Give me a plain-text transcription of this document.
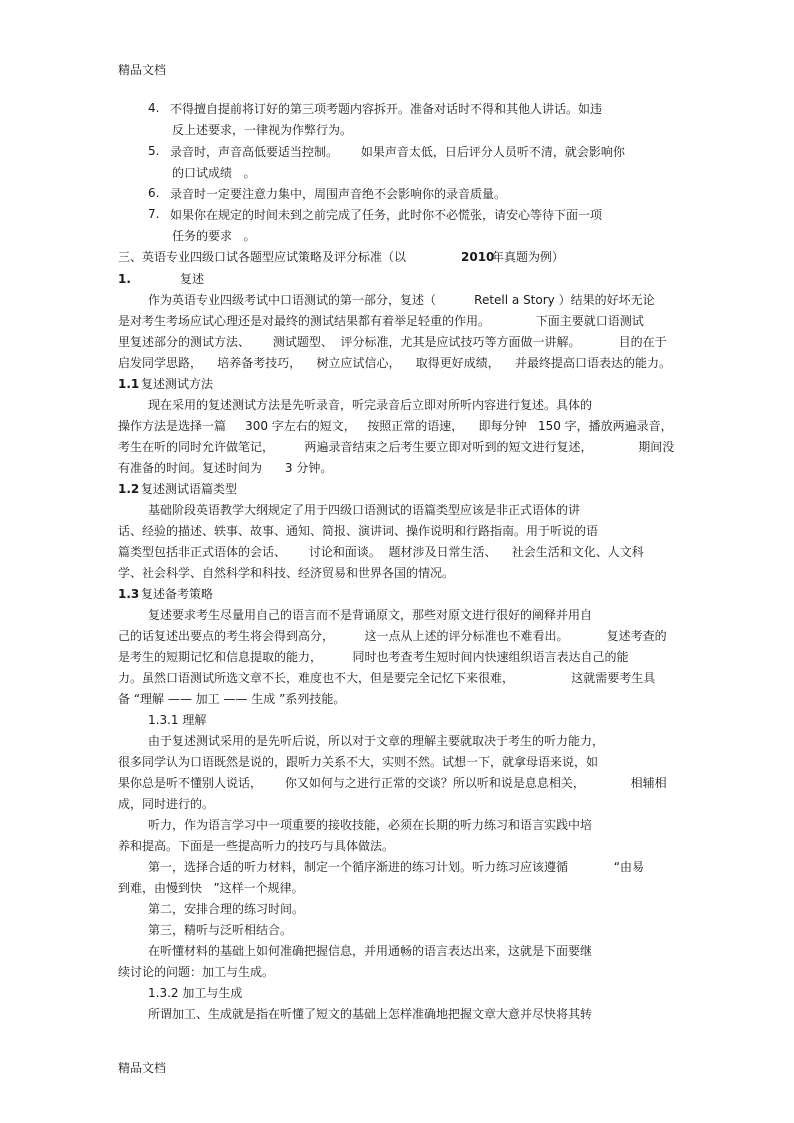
精品文档
4. 不得擅自提前将订好的第三项考题内容拆开。准备对话时不得和其他人讲话。如违
反上述要求，一律视为作弊行为。
5. 录音时，声音高低要适当控制。      如果声音太低，日后评分人员听不清，就会影响你
的口试成绩   。
6. 录音时一定要注意力集中，周围声音绝不会影响你的录音质量。
7. 如果你在规定的时间未到之前完成了任务，此时你不必慌张，请安心等待下面一项
任务的要求   。
三、英语专业四级口试各题型应试策略及评分标准（以	2010
年真题为例）
1.	复述
作为英语专业四级考试中口语测试的第一部分，复述（          Retell a Story ）结果的好坏无论
是对考生考场应试心理还是对最终的测试结果都有着举足轻重的作用。            下面主要就口语测试
里复述部分的测试方法、      测试题型、  评分标准，尤其是应试技巧等方面做一讲解。          目的在于
启发同学思路，    培养备考技巧，    树立应试信心，    取得更好成绩，    并最终提高口语表达的能力。
1.1 复述测试方法
现在采用的复述测试方法是先听录音，听完录音后立即对所听内容进行复述。具体的
操作方法是选择一篇     300 字左右的短文，   按照正常的语速，    即每分钟   150 字，播放两遍录音，
考生在听的同时允许做笔记，        两遍录音结束之后考生要立即对听到的短文进行复述，            期间没
有准备的时间。复述时间为      3 分钟。
1.2 复述测试语篇类型
基础阶段英语教学大纲规定了用于四级口语测试的语篇类型应该是非正式语体的讲
话、经验的描述、轶事、故事、通知、简报、演讲词、操作说明和行路指南。用于听说的语
篇类型包括非正式语体的会话、      讨论和面谈。  题材涉及日常生活、    社会生活和文化、人文科
学、社会科学、自然科学和科技、经济贸易和世界各国的情况。
1.3 复述备考策略
复述要求考生尽量用自己的语言而不是背诵原文，那些对原文进行很好的阐释并用自
己的话复述出要点的考生将会得到高分，        这一点从上述的评分标准也不难看出。          复述考查的
是考生的短期记忆和信息提取的能力，        同时也考查考生短时间内快速组织语言表达自己的能
力。虽然口语测试所选文章不长，难度也不大，但是要完全记忆下来很难，               这就需要考生具
备 “理解 —— 加工 —— 生成 ”系列技能。
1.3.1 理解
由于复述测试采用的是先听后说，所以对于文章的理解主要就取决于考生的听力能力，
很多同学认为口语既然是说的，跟听力关系不大，实则不然。试想一下，就拿母语来说，如
果你总是听不懂别人说话，      你又如何与之进行正常的交谈？所以听和说是息息相关，            相辅相
成，同时进行的。
听力，作为语言学习中一项重要的接收技能，必须在长期的听力练习和语言实践中培
养和提高。下面是一些提高听力的技巧与具体做法。
第一，选择合适的听力材料，制定一个循序渐进的练习计划。听力练习应该遵循            “由易
到难，由慢到快   ”这样一个规律。
第二，安排合理的练习时间。
第三，精听与泛听相结合。
在听懂材料的基础上如何准确把握信息，并用通畅的语言表达出来，这就是下面要继
续讨论的问题：加工与生成。
1.3.2 加工与生成
所谓加工、生成就是指在听懂了短文的基础上怎样准确地把握文章大意并尽快将其转
精品文档
